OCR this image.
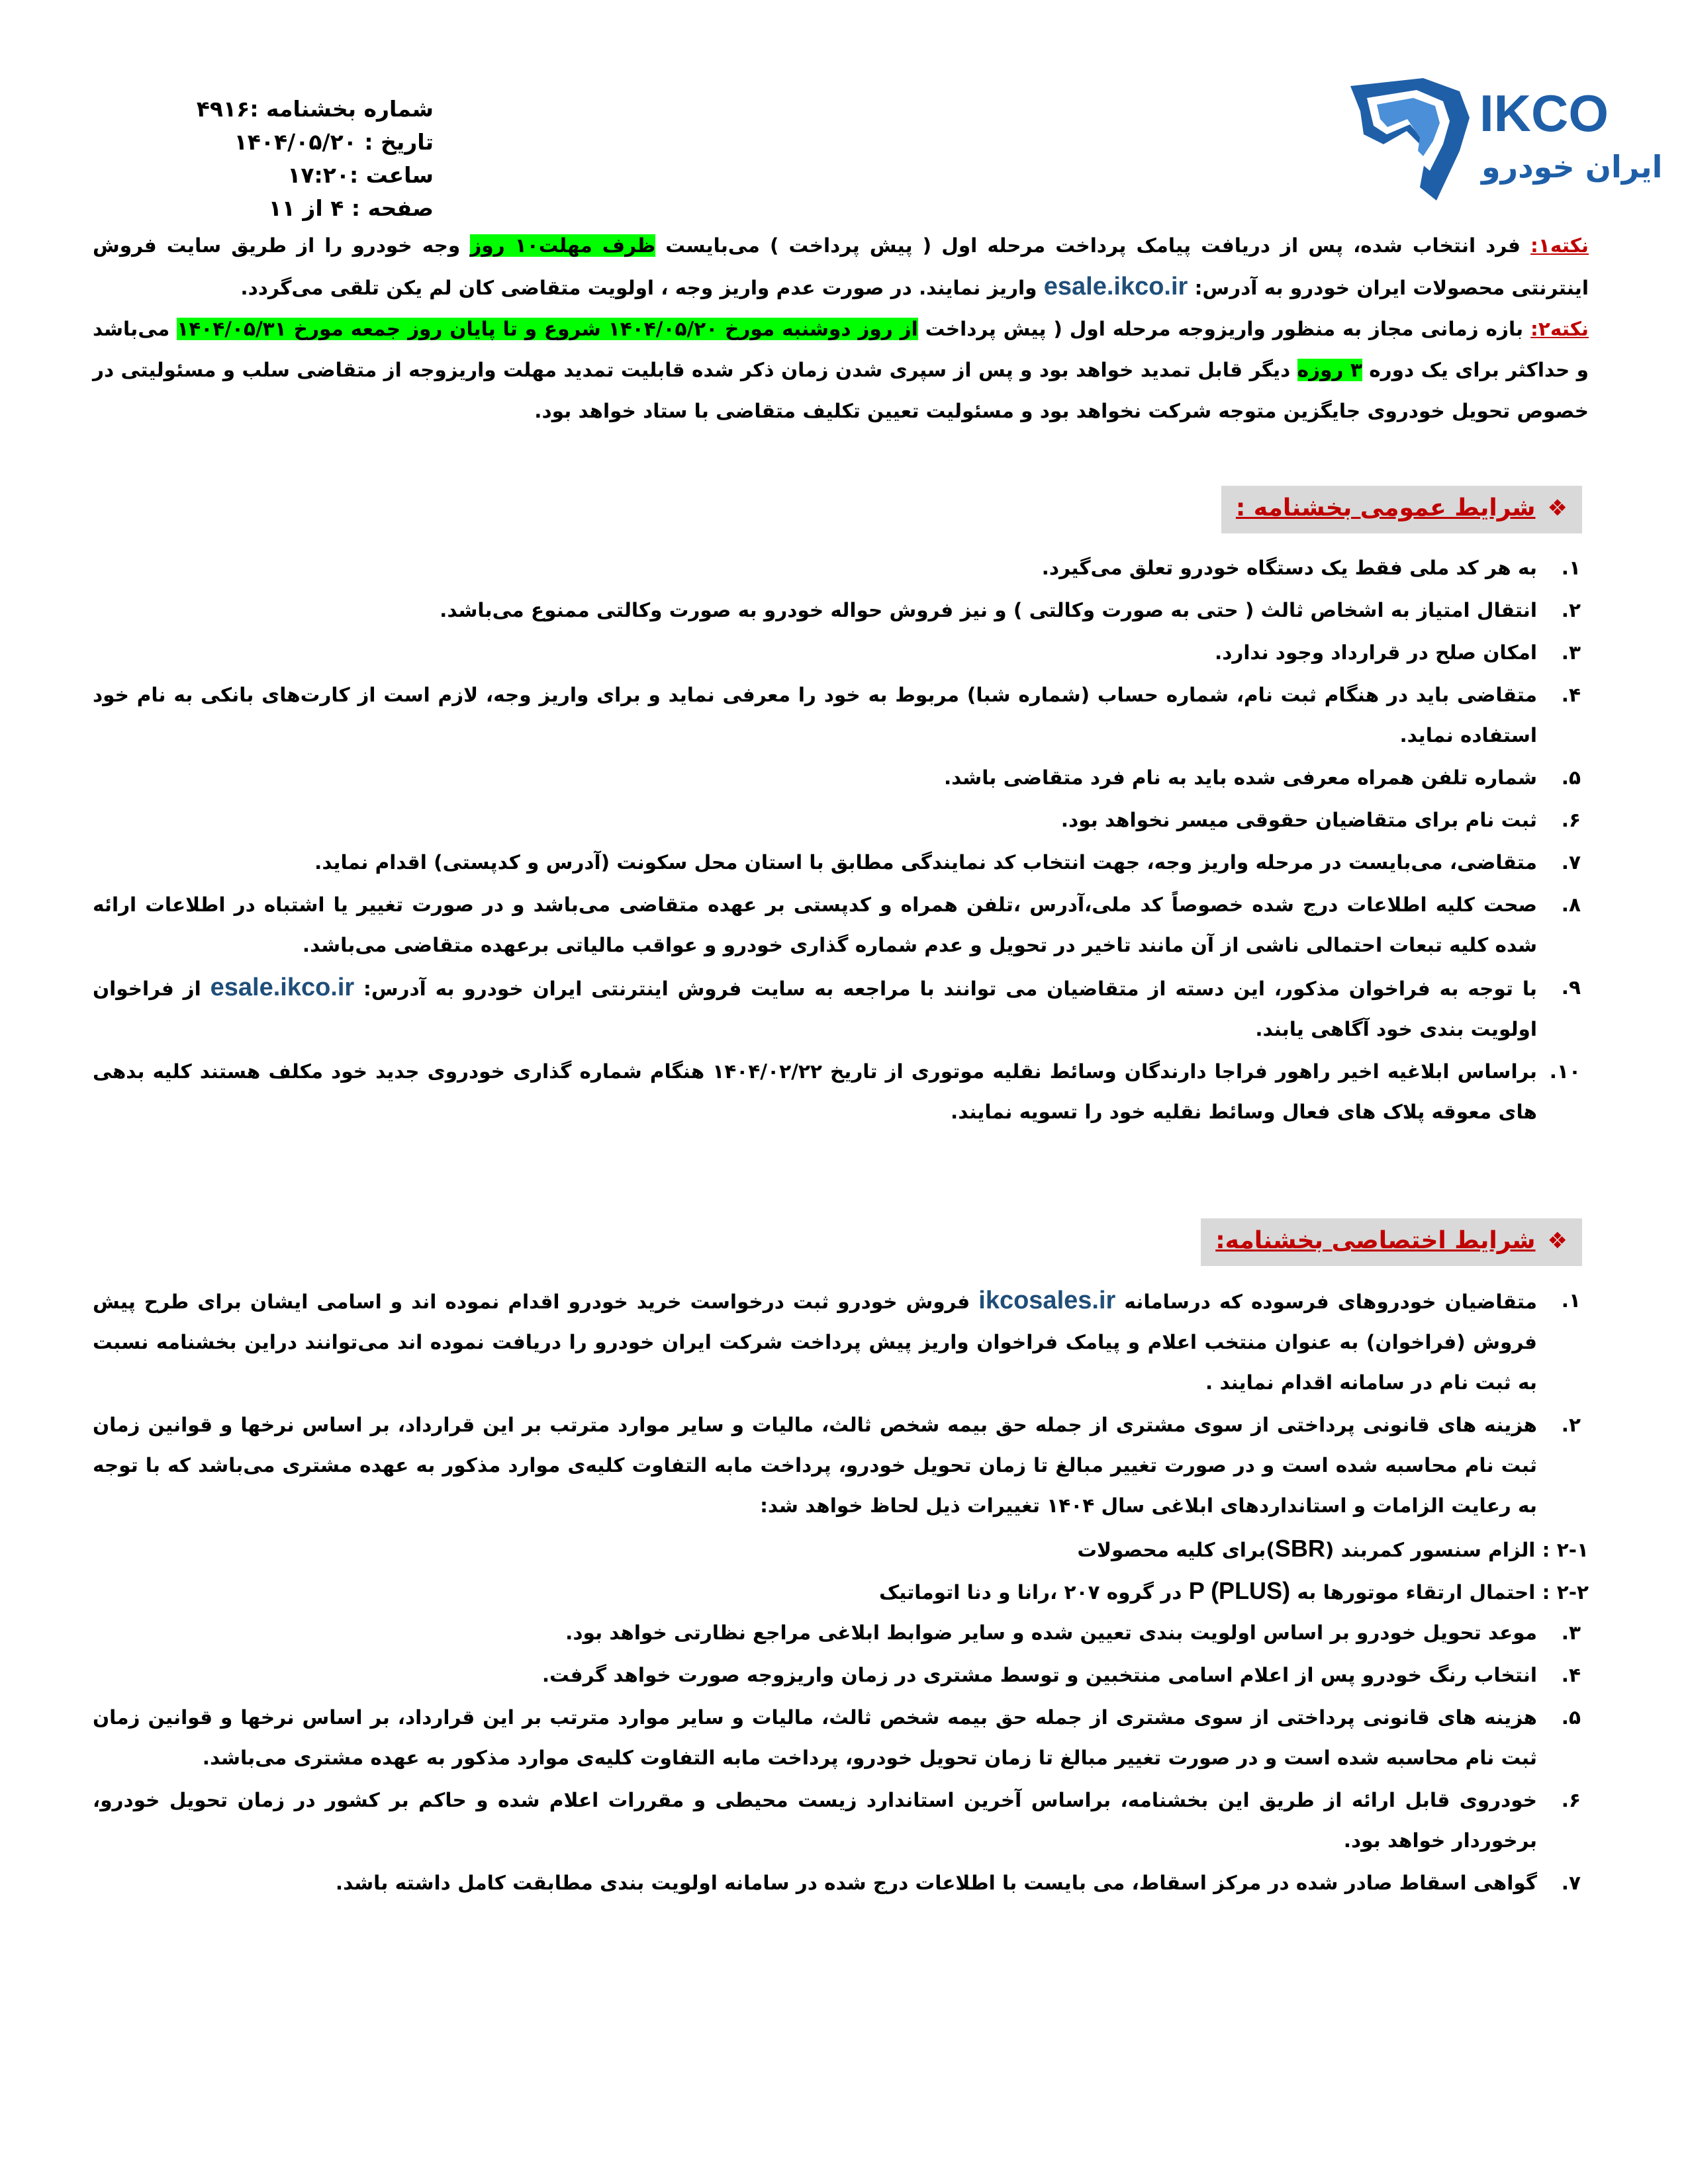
IKCO
ایران خودرو
شماره بخشنامه :۴۹۱۶
تاریخ : ۱۴۰۴/۰۵/۲۰
ساعت :۱۷:۲۰
صفحه : ۴ از ۱۱

نکته۱: فرد انتخاب شده، پس از دریافت پیامک پرداخت مرحله اول ( پیش پرداخت ) می‌بایست ظرف مهلت۱۰ روز وجه خودرو را از طریق سایت فروش اینترنتی محصولات ایران خودرو به آدرس: esale.ikco.ir واریز نمایند. در صورت عدم واریز وجه ، اولویت متقاضی کان لم یکن تلقی می‌گردد.

نکته۲: بازه زمانی مجاز به منظور واریزوجه مرحله اول ( پیش پرداخت از روز دوشنبه مورخ ۱۴۰۴/۰۵/۲۰ شروع و تا پایان روز جمعه مورخ ۱۴۰۴/۰۵/۳۱ می‌باشد و حداکثر برای یک دوره ۳ روزه دیگر قابل تمدید خواهد بود و پس از سپری شدن زمان ذکر شده قابلیت تمدید مهلت واریزوجه از متقاضی سلب و مسئولیتی در خصوص تحویل خودروی جایگزین متوجه شرکت نخواهد بود و مسئولیت تعیین تکلیف متقاضی با ستاد خواهد بود.

❖شرایط عمومی بخشنامه :
۱.
به هر کد ملی فقط یک دستگاه خودرو تعلق می‌گیرد.
۲.
انتقال امتیاز به اشخاص ثالث ( حتی به صورت وکالتی ) و نیز فروش حواله خودرو به صورت وکالتی ممنوع می‌باشد.
۳.
امکان صلح در قرارداد وجود ندارد.
۴.
متقاضی باید در هنگام ثبت نام، شماره حساب (شماره شبا) مربوط به خود را معرفی نماید و برای واریز وجه، لازم است از کارت‌های بانکی به نام خود استفاده نماید.
۵.
شماره تلفن همراه معرفی شده باید به نام فرد متقاضی باشد.
۶.
ثبت نام برای متقاضیان حقوقی میسر نخواهد بود.
۷.
متقاضی، می‌بایست در مرحله واریز وجه، جهت انتخاب کد نمایندگی مطابق با استان محل سکونت (آدرس و کدپستی) اقدام نماید.
۸.
صحت کلیه اطلاعات درج شده خصوصاً کد ملی،آدرس ،تلفن همراه و کدپستی بر عهده متقاضی می‌باشد و در صورت تغییر یا اشتباه در اطلاعات ارائه شده کلیه تبعات احتمالی ناشی از آن مانند تاخیر در تحویل و عدم شماره گذاری خودرو و عواقب مالیاتی برعهده متقاضی می‌باشد.
۹.
با توجه به فراخوان مذکور، این دسته از متقاضیان می توانند با مراجعه به سایت فروش اینترنتی ایران خودرو به آدرس: esale.ikco.ir از فراخوان اولویت بندی خود آگاهی یابند.
۱۰.
براساس ابلاغیه اخیر راهور فراجا دارندگان وسائط نقلیه موتوری از تاریخ ۱۴۰۴/۰۲/۲۲ هنگام شماره گذاری خودروی جدید خود مکلف هستند کلیه بدهی های معوقه پلاک های فعال وسائط نقلیه خود را تسویه نمایند.
❖شرایط اختصاصی بخشنامه:
۱.
متقاضیان خودروهای فرسوده که درسامانه ikcosales.ir فروش خودرو ثبت درخواست خرید خودرو اقدام نموده اند و اسامی ایشان برای طرح پیش فروش (فراخوان) به عنوان منتخب اعلام و پیامک فراخوان واریز پیش پرداخت شرکت ایران خودرو را دریافت نموده اند می‌توانند دراین بخشنامه نسبت به ثبت نام در سامانه اقدام نمایند .
۲.
هزینه های قانونی پرداختی از سوی مشتری از جمله حق بیمه شخص ثالث، مالیات و سایر موارد مترتب بر این قرارداد، بر اساس نرخها و قوانین زمان ثبت نام محاسبه شده است و در صورت تغییر مبالغ تا زمان تحویل خودرو، پرداخت مابه التفاوت کلیه‌ی موارد مذکور به عهده مشتری می‌باشد که با توجه به رعایت الزامات و استانداردهای ابلاغی سال ۱۴۰۴ تغییرات ذیل لحاظ خواهد شد:
۲-۱ : الزام سنسور کمربند (SBR)برای کلیه محصولات
۲-۲ : احتمال ارتقاء موتورها به P (PLUS) در گروه ۲۰۷ ،رانا و دنا اتوماتیک
۳.
موعد تحویل خودرو بر اساس اولویت بندی تعیین شده و سایر ضوابط ابلاغی مراجع نظارتی خواهد بود.
۴.
انتخاب رنگ خودرو پس از اعلام اسامی منتخبین و توسط مشتری در زمان واریزوجه صورت خواهد گرفت.
۵.
هزینه های قانونی پرداختی از سوی مشتری از جمله حق بیمه شخص ثالث، مالیات و سایر موارد مترتب بر این قرارداد، بر اساس نرخها و قوانین زمان ثبت نام محاسبه شده است و در صورت تغییر مبالغ تا زمان تحویل خودرو، پرداخت مابه التفاوت کلیه‌ی موارد مذکور به عهده مشتری می‌باشد.
۶.
خودروی قابل ارائه از طریق این بخشنامه، براساس آخرین استاندارد زیست محیطی و مقررات اعلام شده و حاکم بر کشور در زمان تحویل خودرو، برخوردار خواهد بود.
۷.
گواهی اسقاط صادر شده در مرکز اسقاط، می بایست با اطلاعات درج شده در سامانه اولویت بندی مطابقت کامل داشته باشد.
